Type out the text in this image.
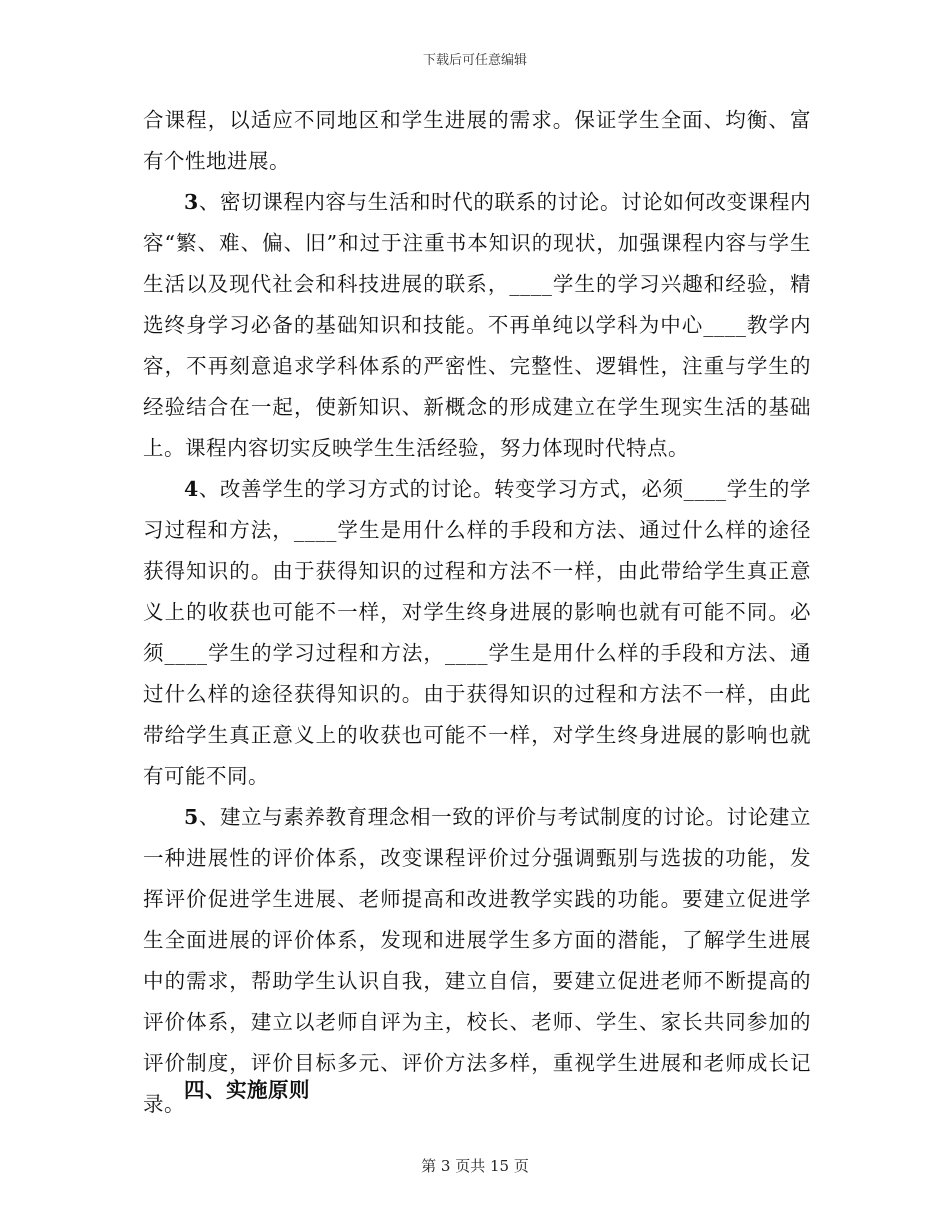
下载后可任意编辑

合课程，以适应不同地区和学生进展的需求。保证学生全面、均衡、富有个性地进展。

3、密切课程内容与生活和时代的联系的讨论。讨论如何改变课程内容“繁、难、偏、旧”和过于注重书本知识的现状，加强课程内容与学生生活以及现代社会和科技进展的联系，____学生的学习兴趣和经验，精选终身学习必备的基础知识和技能。不再单纯以学科为中心____教学内容，不再刻意追求学科体系的严密性、完整性、逻辑性，注重与学生的经验结合在一起，使新知识、新概念的形成建立在学生现实生活的基础上。课程内容切实反映学生生活经验，努力体现时代特点。

4、改善学生的学习方式的讨论。转变学习方式，必须____学生的学习过程和方法，____学生是用什么样的手段和方法、通过什么样的途径获得知识的。由于获得知识的过程和方法不一样，由此带给学生真正意义上的收获也可能不一样，对学生终身进展的影响也就有可能不同。必须____学生的学习过程和方法，____学生是用什么样的手段和方法、通过什么样的途径获得知识的。由于获得知识的过程和方法不一样，由此带给学生真正意义上的收获也可能不一样，对学生终身进展的影响也就有可能不同。

5、建立与素养教育理念相一致的评价与考试制度的讨论。讨论建立一种进展性的评价体系，改变课程评价过分强调甄别与选拔的功能，发挥评价促进学生进展、老师提高和改进教学实践的功能。要建立促进学生全面进展的评价体系，发现和进展学生多方面的潜能，了解学生进展中的需求，帮助学生认识自我，建立自信，要建立促进老师不断提高的评价体系，建立以老师自评为主，校长、老师、学生、家长共同参加的评价制度，评价目标多元、评价方法多样，重视学生进展和老师成长记录。

四、实施原则
第 3 页共 15 页
